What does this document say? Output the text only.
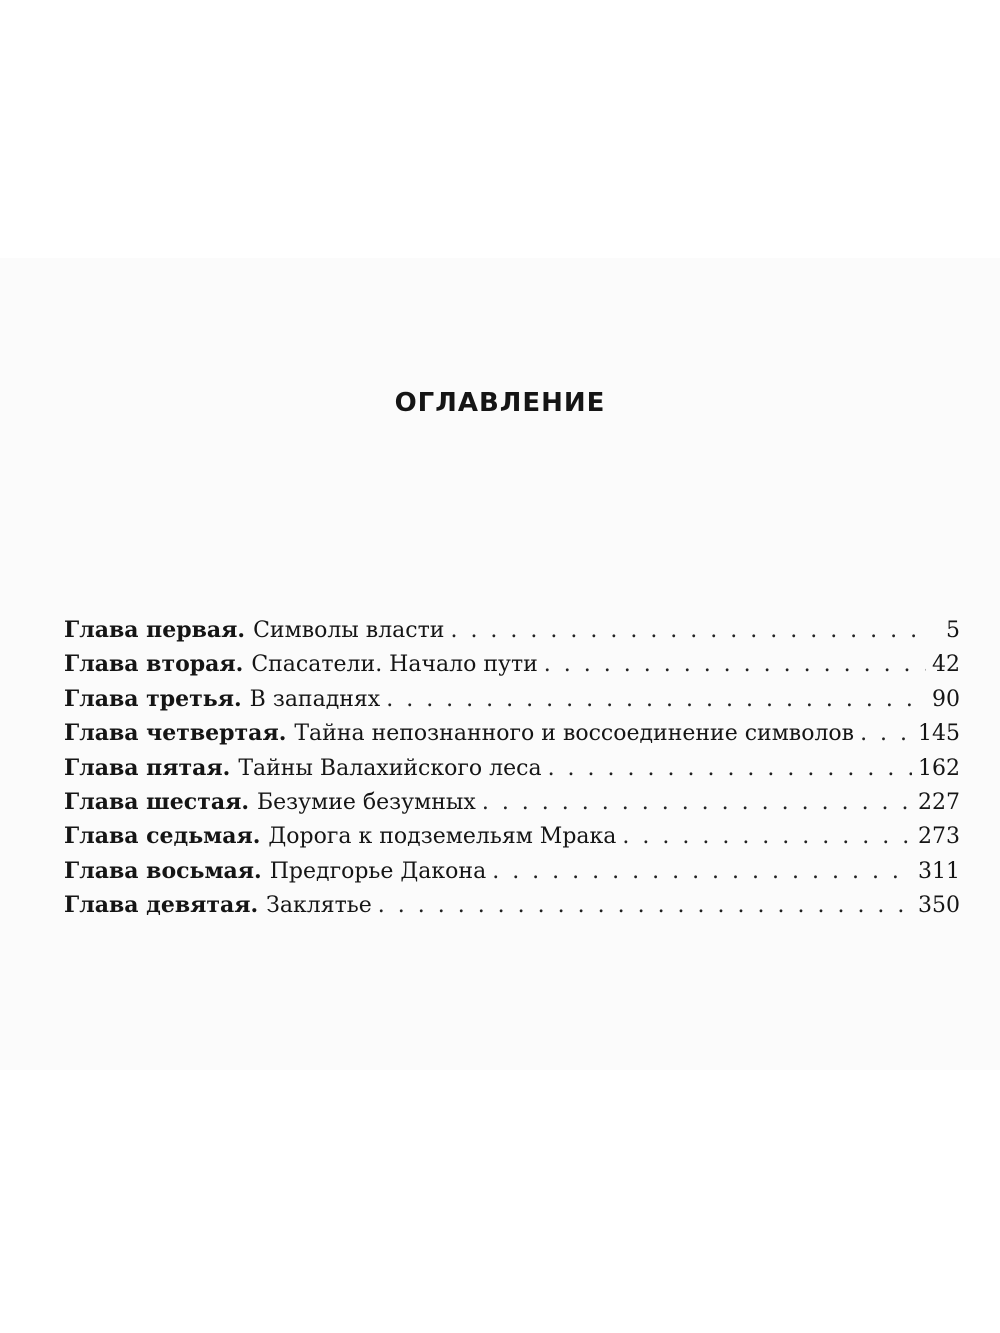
ОГЛАВЛЕНИЕ
Глава первая. Символы власти . . .	5
Глава вторая. Спасатели. Начало пути . . .	42
Глава третья. В западнях . . .	90
Глава четвертая. Тайна непознанного и воссоединение символов . . .	145
Глава пятая. Тайны Валахийского леса . . .	162
Глава шестая. Безумие безумных . . .	227
Глава седьмая. Дорога к подземельям Мрака . . .	273
Глава восьмая. Предгорье Дакона . . .	311
Глава девятая. Заклятье . . .	350
